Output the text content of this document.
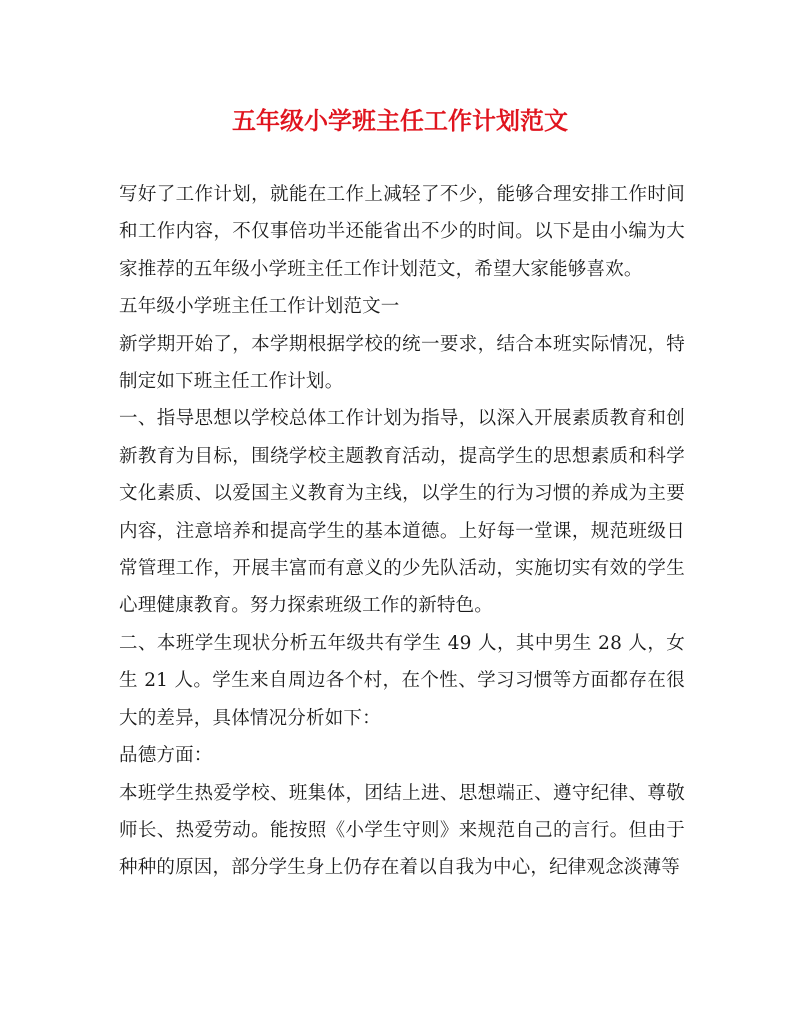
五年级小学班主任工作计划范文

写好了工作计划，就能在工作上减轻了不少，能够合理安排工作时间和工作内容，不仅事倍功半还能省出不少的时间。以下是由小编为大家推荐的五年级小学班主任工作计划范文，希望大家能够喜欢。

五年级小学班主任工作计划范文一

新学期开始了，本学期根据学校的统一要求，结合本班实际情况，特制定如下班主任工作计划。

一、指导思想以学校总体工作计划为指导，以深入开展素质教育和创新教育为目标，围绕学校主题教育活动，提高学生的思想素质和科学文化素质、以爱国主义教育为主线，以学生的行为习惯的养成为主要内容，注意培养和提高学生的基本道德。上好每一堂课，规范班级日常管理工作，开展丰富而有意义的少先队活动，实施切实有效的学生心理健康教育。努力探索班级工作的新特色。

二、本班学生现状分析五年级共有学生 49 人，其中男生 28 人，女生 21 人。学生来自周边各个村，在个性、学习习惯等方面都存在很大的差异，具体情况分析如下：

品德方面：

本班学生热爱学校、班集体，团结上进、思想端正、遵守纪律、尊敬师长、热爱劳动。能按照《小学生守则》来规范自己的言行。但由于种种的原因，部分学生身上仍存在着以自我为中心，纪律观念淡薄等
